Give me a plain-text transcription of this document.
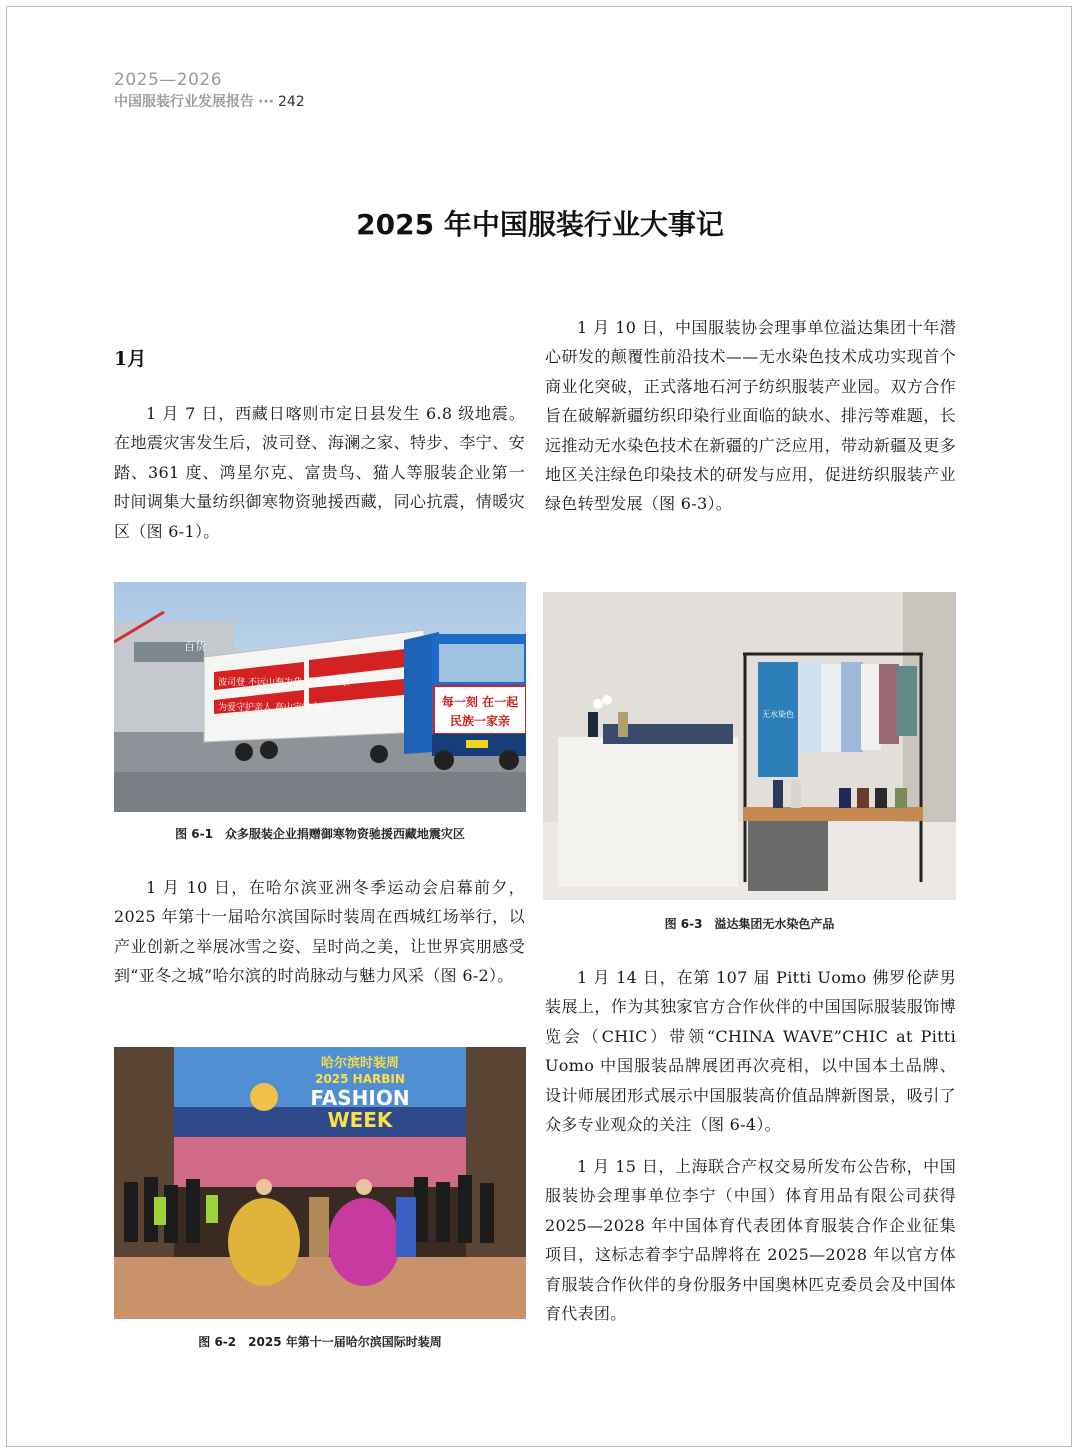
2025—2026
中国服装行业发展报告 ··· 242
2025 年中国服装行业大事记
1月

1 月 7 日，西藏日喀则市定日县发生 6.8 级地震。在地震灾害发生后，波司登、海澜之家、特步、李宁、安踏、361 度、鸿星尔克、富贵鸟、猫人等服装企业第一时间调集大量纺织御寒物资驰援西藏，同心抗震，情暖灾区（图 6-1）。

百货
波司登 不远山海为我 民族一家亲
为爱守护亲人 高山定峰 知音	每一刻 在一起
民族一家亲
图 6-1　众多服装企业捐赠御寒物资驰援西藏地震灾区

1 月 10 日，在哈尔滨亚洲冬季运动会启幕前夕，2025 年第十一届哈尔滨国际时装周在西城红场举行，以产业创新之举展冰雪之姿、呈时尚之美，让世界宾朋感受到“亚冬之城”哈尔滨的时尚脉动与魅力风采（图 6-2）。

哈尔滨时装周
2025 HARBIN
FASHION
WEEK
图 6-2　2025 年第十一届哈尔滨国际时装周

1 月 10 日，中国服装协会理事单位溢达集团十年潜心研发的颠覆性前沿技术——无水染色技术成功实现首个商业化突破，正式落地石河子纺织服装产业园。双方合作旨在破解新疆纺织印染行业面临的缺水、排污等难题，长远推动无水染色技术在新疆的广泛应用，带动新疆及更多地区关注绿色印染技术的研发与应用，促进纺织服装产业绿色转型发展（图 6-3）。

无水染色
图 6-3　溢达集团无水染色产品

1 月 14 日，在第 107 届 Pitti Uomo 佛罗伦萨男装展上，作为其独家官方合作伙伴的中国国际服装服饰博览会（CHIC）带领“CHINA WAVE”CHIC at Pitti Uomo 中国服装品牌展团再次亮相，以中国本土品牌、设计师展团形式展示中国服装高价值品牌新图景，吸引了众多专业观众的关注（图 6-4）。

1 月 15 日，上海联合产权交易所发布公告称，中国服装协会理事单位李宁（中国）体育用品有限公司获得 2025—2028 年中国体育代表团体育服装合作企业征集项目，这标志着李宁品牌将在 2025—2028 年以官方体育服装合作伙伴的身份服务中国奥林匹克委员会及中国体育代表团。
